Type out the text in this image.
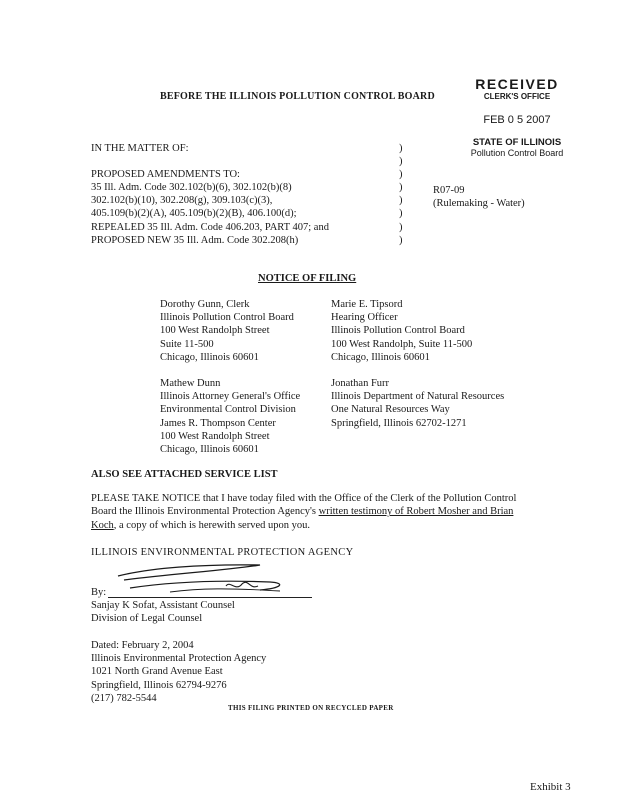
RECEIVED
CLERK'S OFFICE
FEB 0 5 2007
STATE OF ILLINOIS
Pollution Control Board
BEFORE THE ILLINOIS POLLUTION CONTROL BOARD
IN THE MATTER OF:
PROPOSED AMENDMENTS TO:
35 Ill. Adm. Code 302.102(b)(6), 302.102(b)(8)
302.102(b)(10), 302.208(g), 309.103(c)(3),
405.109(b)(2)(A), 405.109(b)(2)(B), 406.100(d);
REPEALED 35 Ill. Adm. Code 406.203, PART 407; and
PROPOSED NEW 35 Ill. Adm. Code 302.208(h)
)
)
)
)
)
)
)
)
R07-09
(Rulemaking - Water)
NOTICE OF FILING
Dorothy Gunn, Clerk
Illinois Pollution Control Board
100 West Randolph Street
Suite 11-500
Chicago, Illinois 60601
Marie E. Tipsord
Hearing Officer
Illinois Pollution Control Board
100 West Randolph, Suite 11-500
Chicago, Illinois 60601
Mathew Dunn
Illinois Attorney General's Office
Environmental Control Division
James R. Thompson Center
100 West Randolph Street
Chicago, Illinois 60601
Jonathan Furr
Illinois Department of Natural Resources
One Natural Resources Way
Springfield, Illinois 62702-1271
ALSO SEE ATTACHED SERVICE LIST
PLEASE TAKE NOTICE that I have today filed with the Office of the Clerk of the Pollution Control Board the Illinois Environmental Protection Agency's written testimony of Robert Mosher and Brian Koch, a copy of which is herewith served upon you.
ILLINOIS ENVIRONMENTAL PROTECTION AGENCY
By:
Sanjay K Sofat, Assistant Counsel
Division of Legal Counsel
Dated: February 2, 2004
Illinois Environmental Protection Agency
1021 North Grand Avenue East
Springfield, Illinois 62794-9276
(217) 782-5544
THIS FILING PRINTED ON RECYCLED PAPER
Exhibit 3
